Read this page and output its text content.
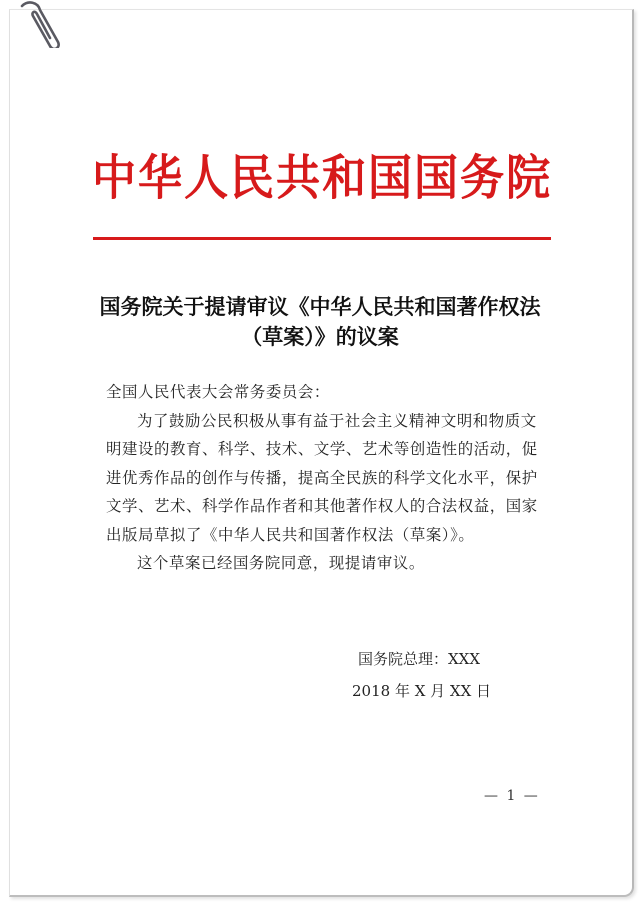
中华人民共和国国务院
国务院关于提请审议《中华人民共和国著作权法
（草案）》的议案

全国人民代表大会常务委员会：

为了鼓励公民积极从事有益于社会主义精神文明和物质文明建设的教育、科学、技术、文学、艺术等创造性的活动，促进优秀作品的创作与传播，提高全民族的科学文化水平，保护文学、艺术、科学作品作者和其他著作权人的合法权益，国家出版局草拟了《中华人民共和国著作权法（草案）》。

这个草案已经国务院同意，现提请审议。

国务院总理：XXX
2018 年 X 月 XX 日
— 1 —
